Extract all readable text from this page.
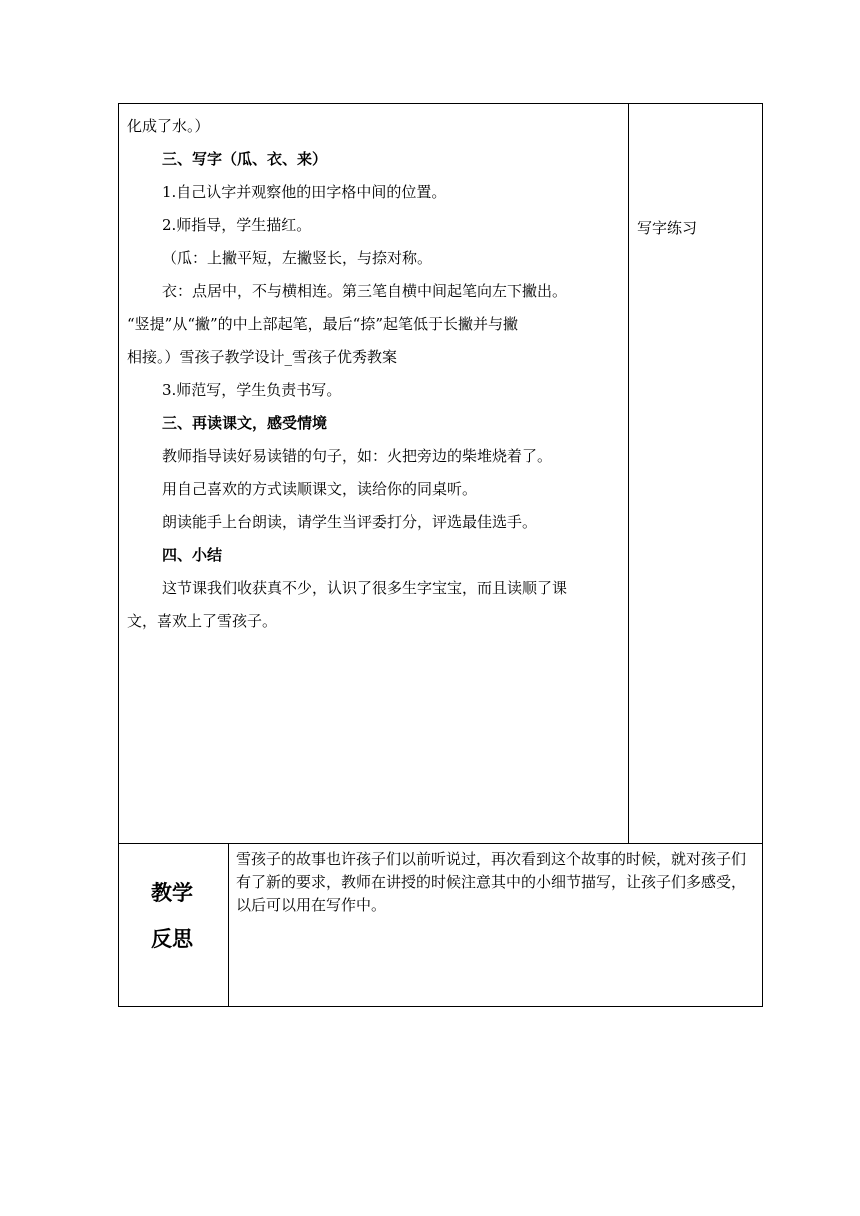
化成了水。）
三、写字（瓜、衣、来）
1.自己认字并观察他的田字格中间的位置。
2.师指导，学生描红。
（瓜：上撇平短，左撇竖长，与捺对称。
衣：点居中，不与横相连。第三笔自横中间起笔向左下撇出。
“竖提”从“撇”的中上部起笔，最后“捺”起笔低于长撇并与撇
相接。）雪孩子教学设计_雪孩子优秀教案
3.师范写，学生负责书写。
三、再读课文，感受情境
教师指导读好易读错的句子，如：火把旁边的柴堆烧着了。
用自己喜欢的方式读顺课文，读给你的同桌听。
朗读能手上台朗读，请学生当评委打分，评选最佳选手。
四、小结
这节课我们收获真不少，认识了很多生字宝宝，而且读顺了课
文，喜欢上了雪孩子。
写字练习
教学
反思
雪孩子的故事也许孩子们以前听说过，再次看到这个故事的时候，就对孩子们有了新的要求，教师在讲授的时候注意其中的小细节描写，让孩子们多感受，以后可以用在写作中。
